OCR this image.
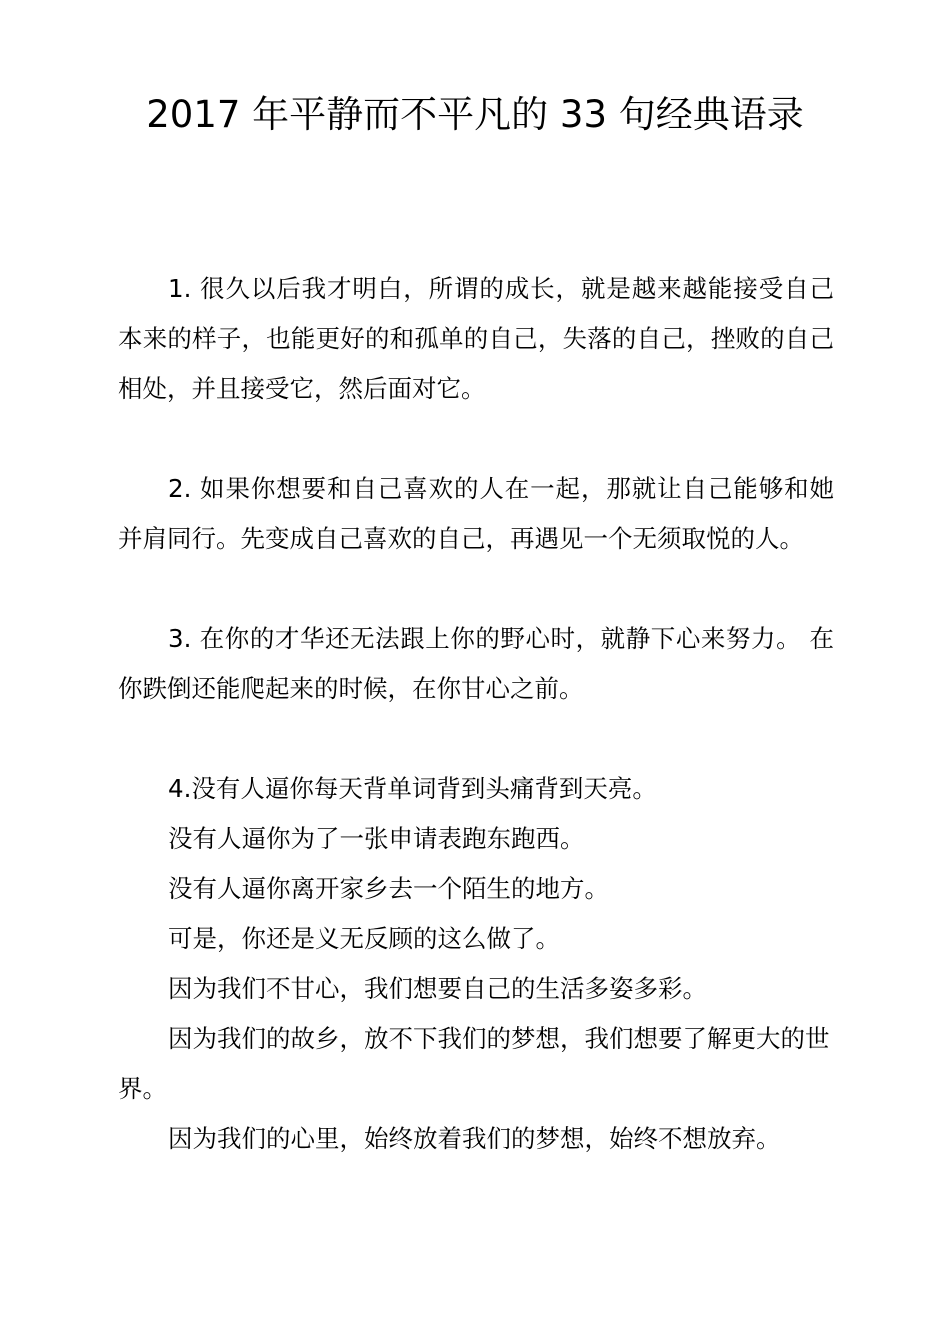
2017 年平静而不平凡的 33 句经典语录

1. 很久以后我才明白，所谓的成长，就是越来越能接受自己本来的样子，也能更好的和孤单的自己，失落的自己，挫败的自己相处，并且接受它，然后面对它。

2. 如果你想要和自己喜欢的人在一起，那就让自己能够和她并肩同行。先变成自己喜欢的自己，再遇见一个无须取悦的人。

3. 在你的才华还无法跟上你的野心时，就静下心来努力。 在你跌倒还能爬起来的时候，在你甘心之前。

4.没有人逼你每天背单词背到头痛背到天亮。

没有人逼你为了一张申请表跑东跑西。

没有人逼你离开家乡去一个陌生的地方。

可是，你还是义无反顾的这么做了。

因为我们不甘心，我们想要自己的生活多姿多彩。

因为我们的故乡，放不下我们的梦想，我们想要了解更大的世界。

因为我们的心里，始终放着我们的梦想，始终不想放弃。
